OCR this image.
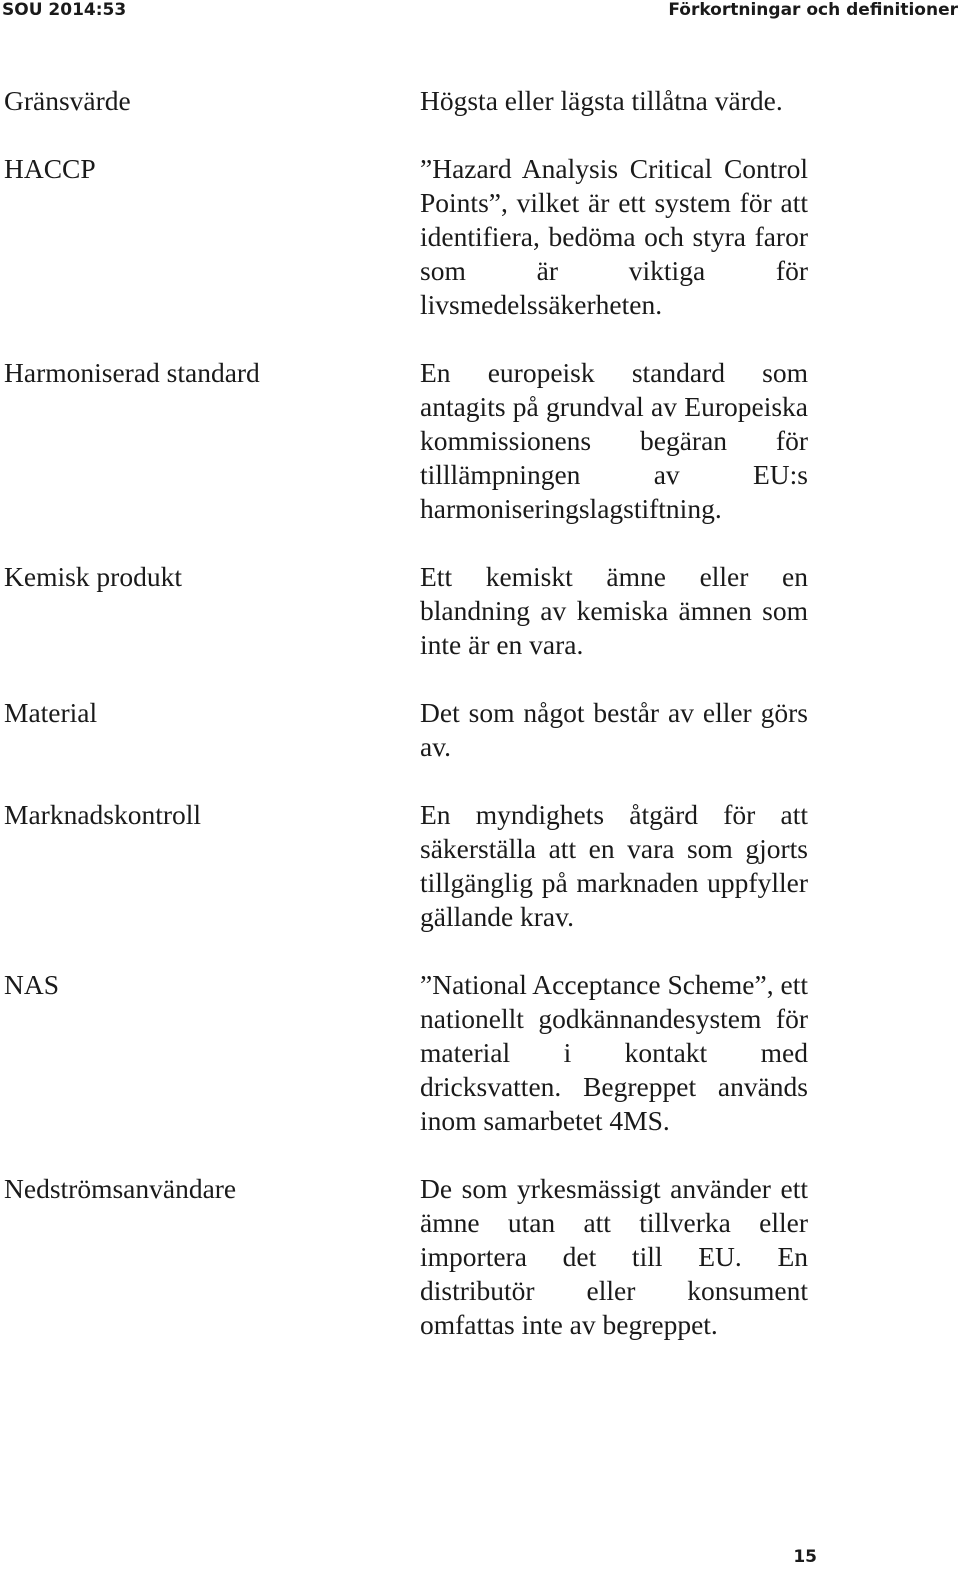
SOU 2014:53	Förkortningar och definitioner
Gränsvärde	Högsta eller lägsta tillåtna värde.
HACCP	”Hazard Analysis Critical Control Points”, vilket är ett system för att identifiera, bedöma och styra faror som är viktiga för livsmedelssäkerheten.
Harmoniserad standard	En europeisk standard som antagits på grundval av Europeiska kommissionens begäran för tilllämpningen av EU:s harmoniseringslagstiftning.
Kemisk produkt	Ett kemiskt ämne eller en blandning av kemiska ämnen som inte är en vara.
Material	Det som något består av eller görs av.
Marknadskontroll	En myndighets åtgärd för att säkerställa att en vara som gjorts tillgänglig på marknaden uppfyller gällande krav.
NAS	”National Acceptance Scheme”, ett nationellt godkännandesystem för material i kontakt med dricksvatten. Begreppet används inom samarbetet 4MS.
Nedströmsanvändare	De som yrkesmässigt använder ett ämne utan att tillverka eller importera det till EU. En distributör eller konsument omfattas inte av begreppet.
15
